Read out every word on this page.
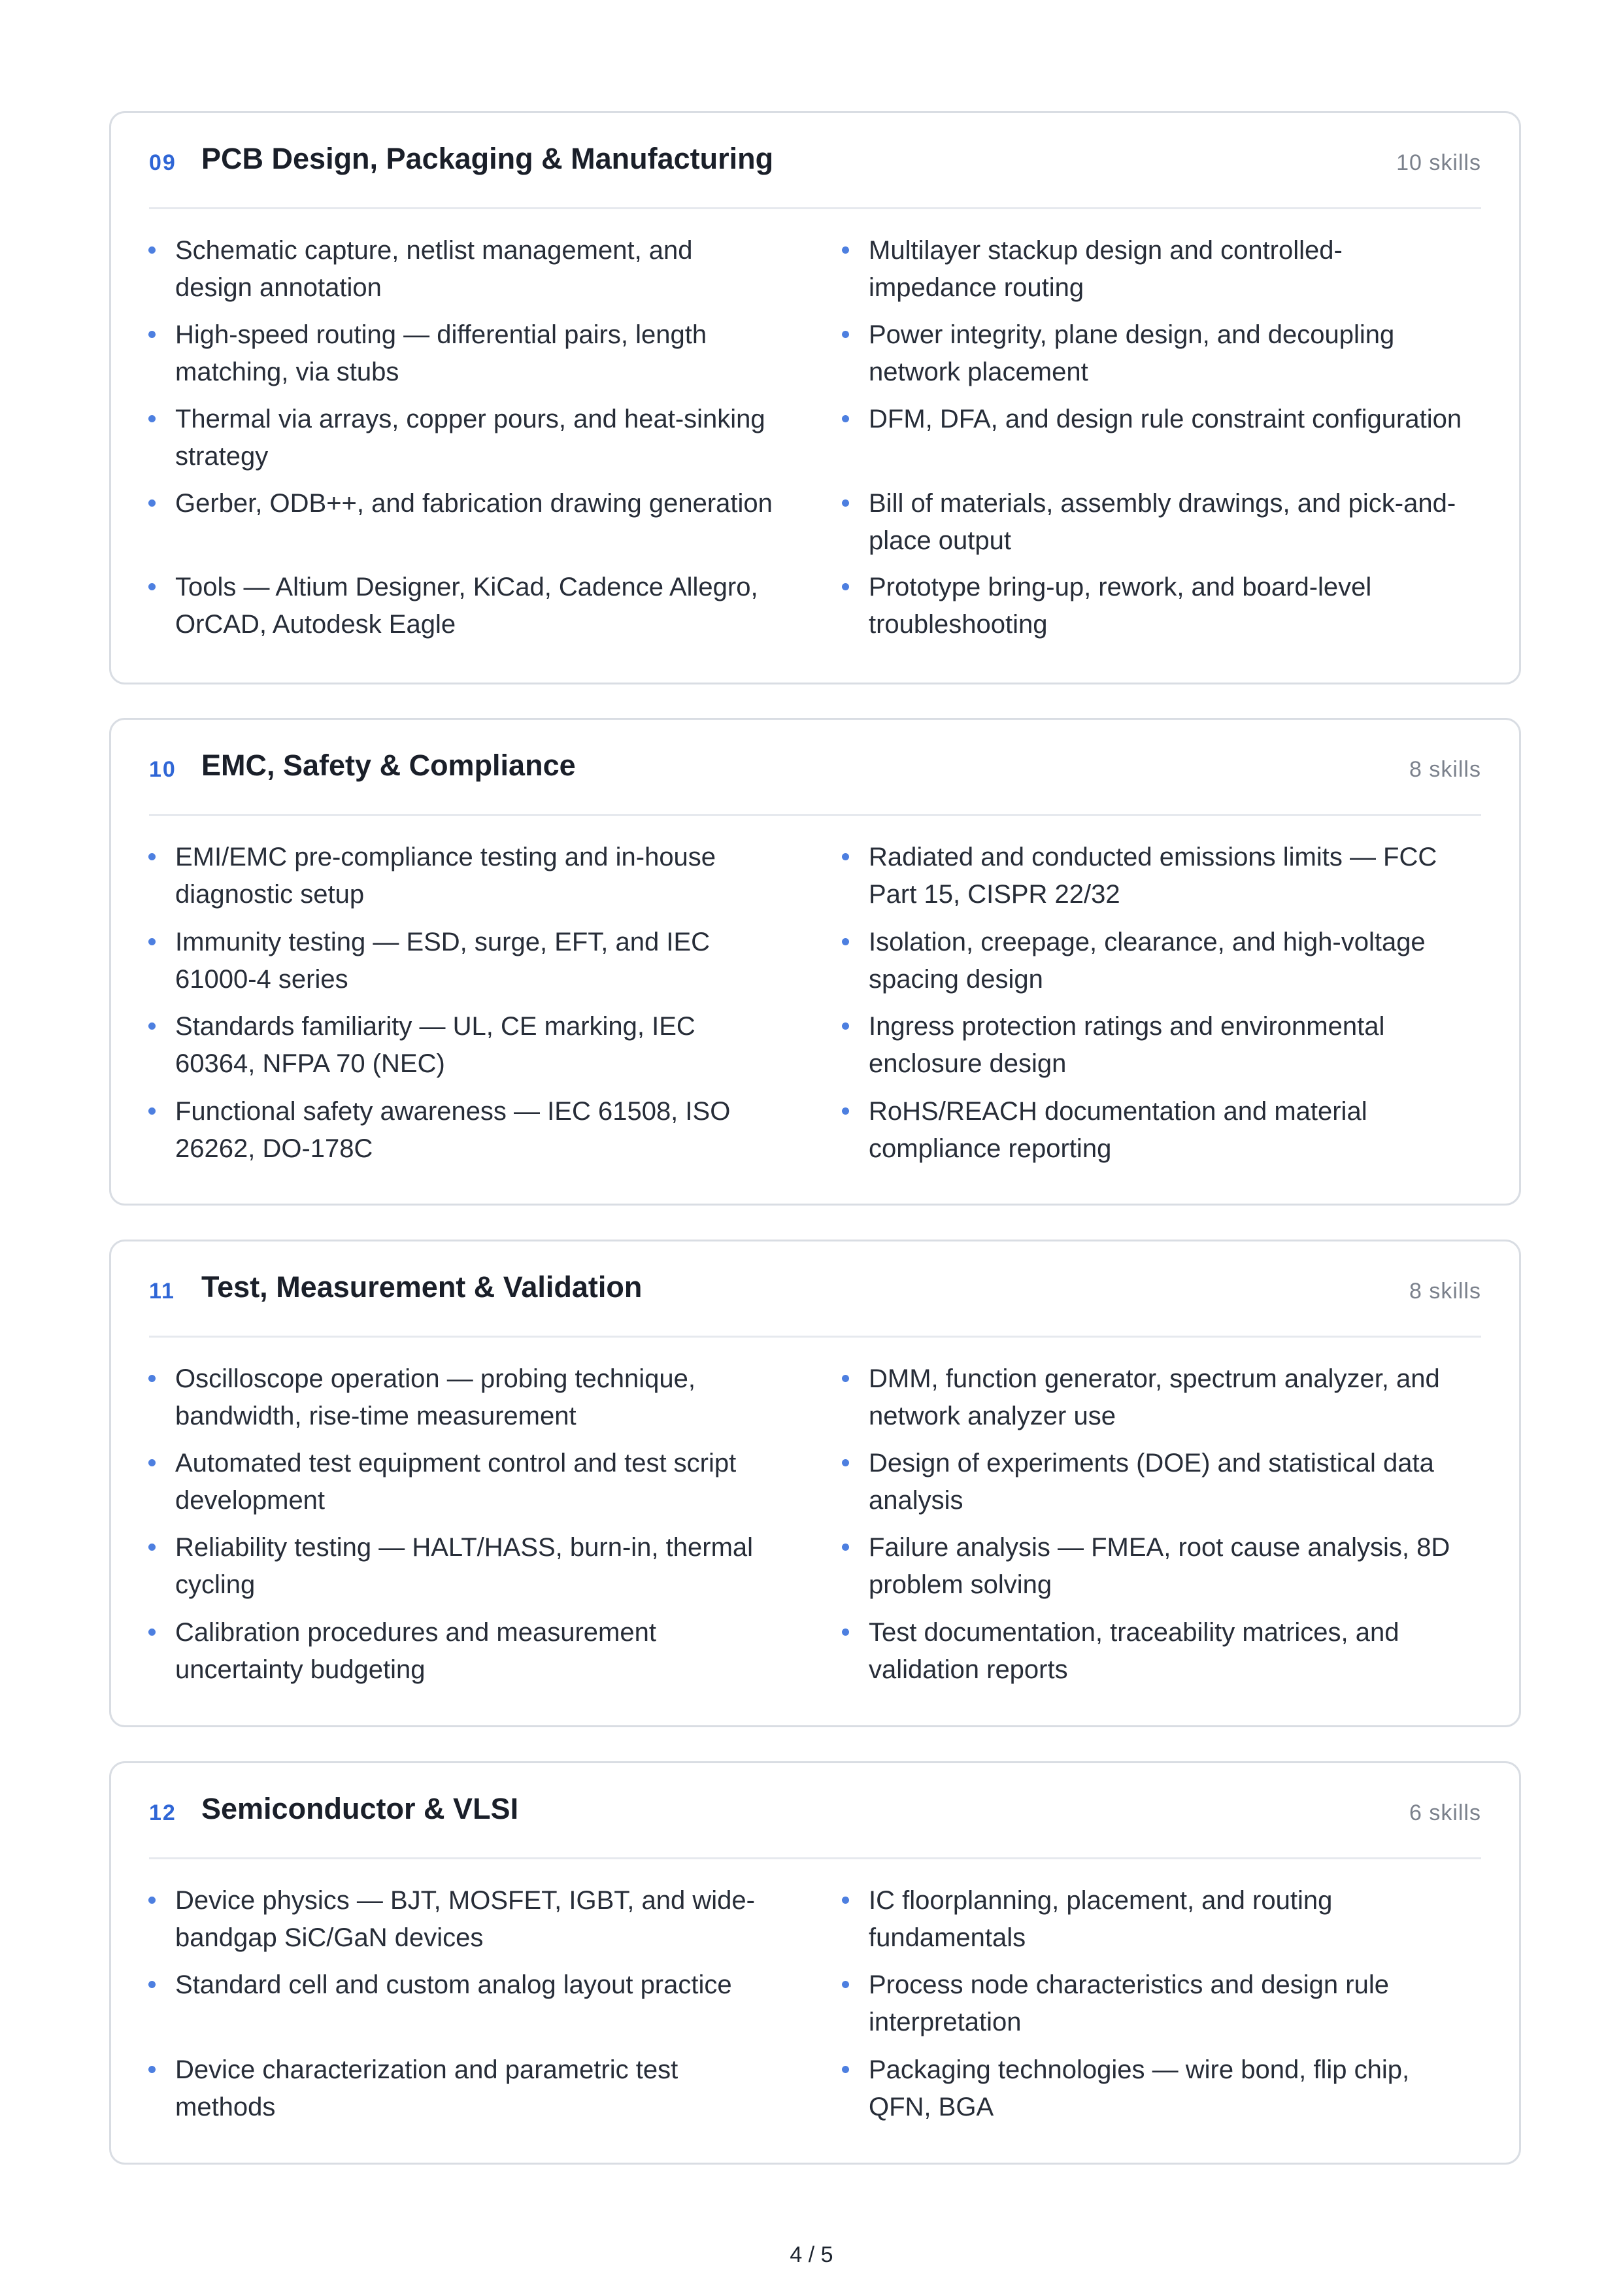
09 PCB Design, Packaging & Manufacturing	10 skills
Schematic capture, netlist management, and design annotation
Multilayer stackup design and controlled-impedance routing
High-speed routing — differential pairs, length matching, via stubs
Power integrity, plane design, and decoupling network placement
Thermal via arrays, copper pours, and heat-sinking strategy
DFM, DFA, and design rule constraint configuration
Gerber, ODB++, and fabrication drawing generation	Bill of materials, assembly drawings, and pick-and-place output
Tools — Altium Designer, KiCad, Cadence Allegro, OrCAD, Autodesk Eagle
Prototype bring-up, rework, and board-level troubleshooting
10 EMC, Safety & Compliance	8 skills
EMI/EMC pre-compliance testing and in-house diagnostic setup
Radiated and conducted emissions limits — FCC Part 15, CISPR 22/32
Immunity testing — ESD, surge, EFT, and IEC 61000-4 series
Isolation, creepage, clearance, and high-voltage spacing design
Standards familiarity — UL, CE marking, IEC 60364, NFPA 70 (NEC)
Ingress protection ratings and environmental enclosure design
Functional safety awareness — IEC 61508, ISO 26262, DO-178C
RoHS/REACH documentation and material compliance reporting
11 Test, Measurement & Validation	8 skills
Oscilloscope operation — probing technique, bandwidth, rise-time measurement
DMM, function generator, spectrum analyzer, and network analyzer use
Automated test equipment control and test script development
Design of experiments (DOE) and statistical data analysis
Reliability testing — HALT/HASS, burn-in, thermal cycling
Failure analysis — FMEA, root cause analysis, 8D problem solving
Calibration procedures and measurement uncertainty budgeting
Test documentation, traceability matrices, and validation reports
12 Semiconductor & VLSI	6 skills
Device physics — BJT, MOSFET, IGBT, and wide-bandgap SiC/GaN devices
IC floorplanning, placement, and routing fundamentals
Standard cell and custom analog layout practice	Process node characteristics and design rule interpretation
Device characterization and parametric test methods
Packaging technologies — wire bond, flip chip, QFN, BGA
4 / 5
